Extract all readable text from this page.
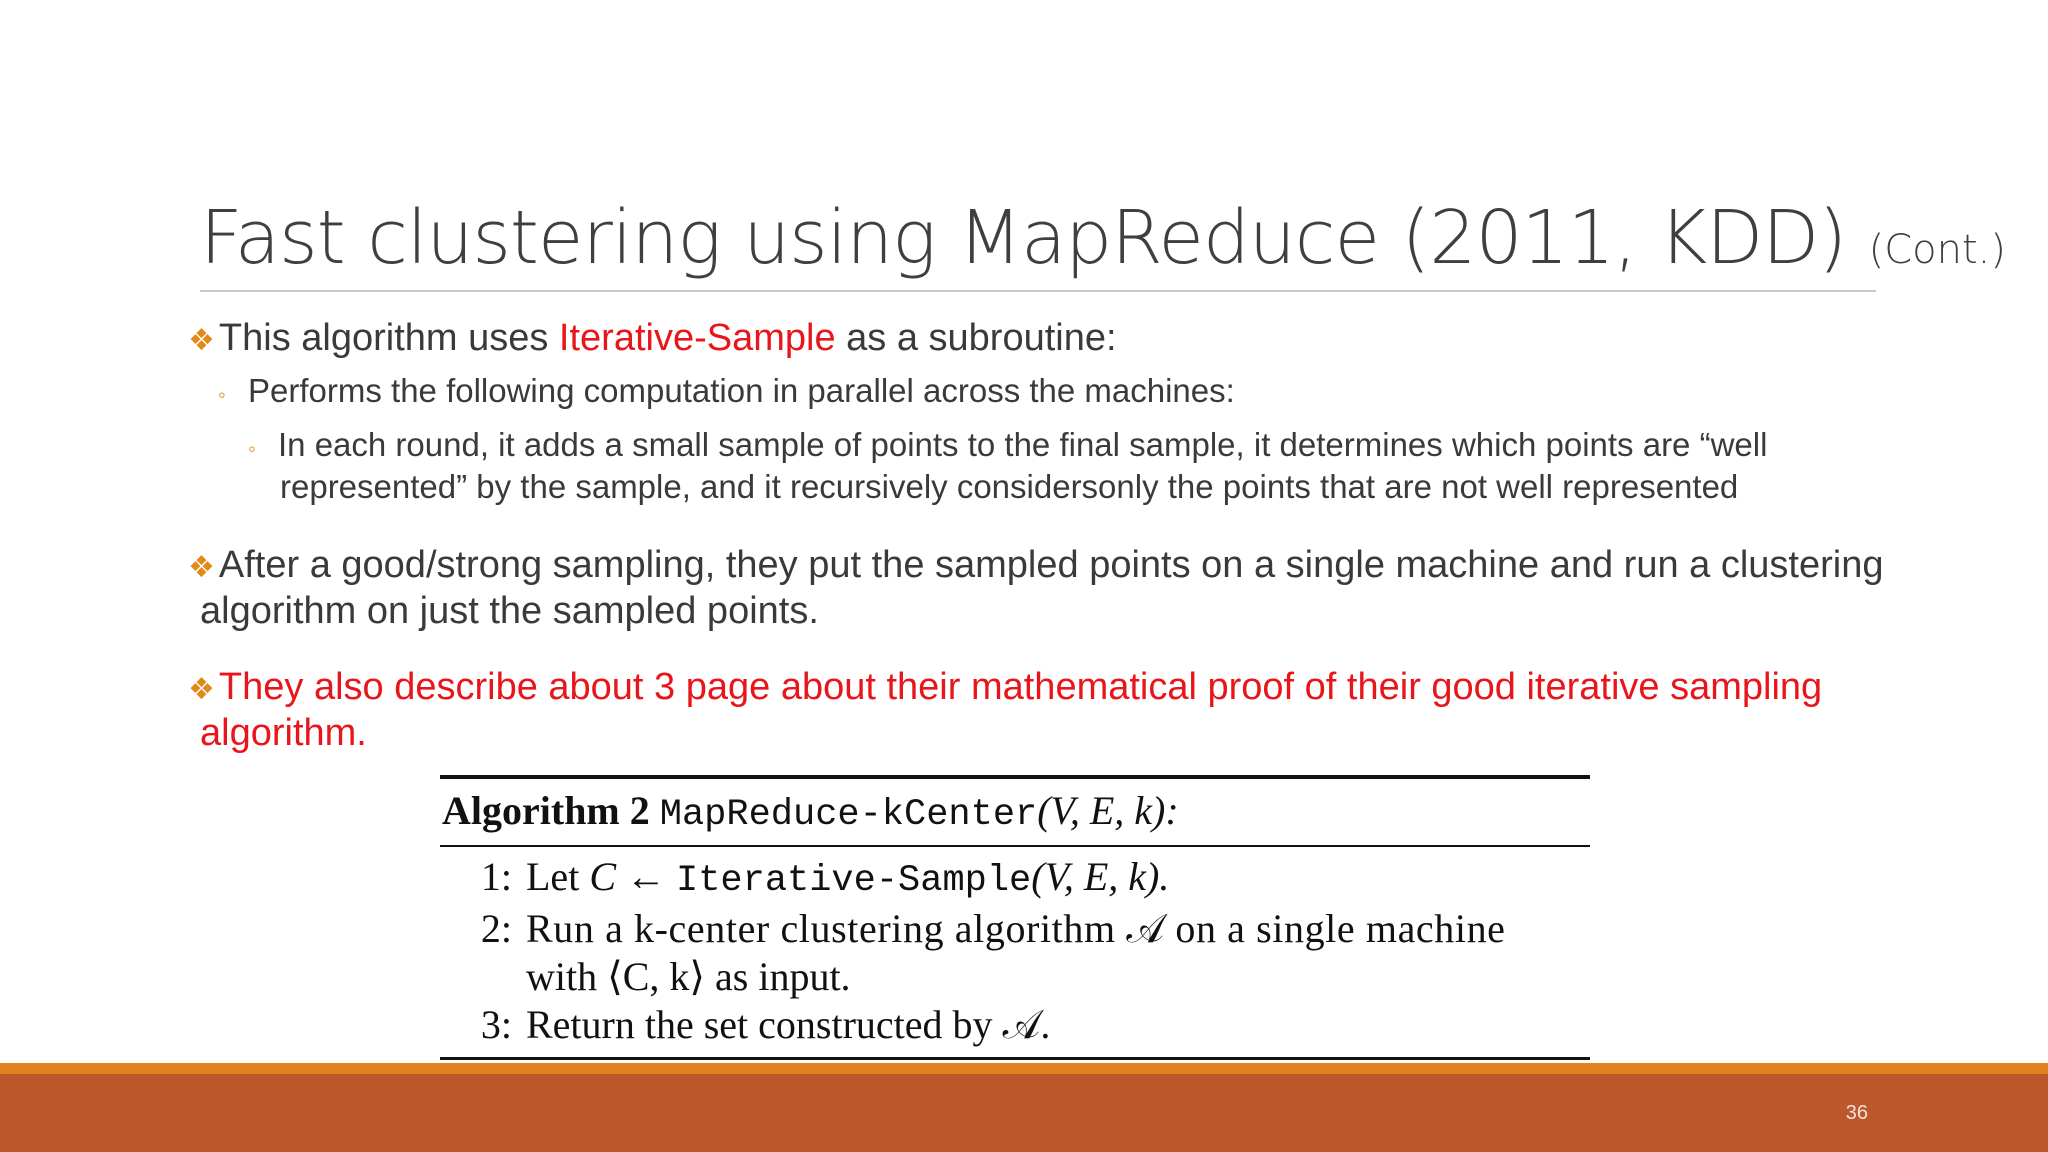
Fast clustering using MapReduce (2011, KDD) (Cont.)
❖ This algorithm uses Iterative-Sample as a subroutine:
◦ Performs the following computation in parallel across the machines:
◦ In each round, it adds a small sample of points to the final sample, it determines which points are “well
represented” by the sample, and it recursively considersonly the points that are not well represented
❖ After a good/strong sampling, they put the sampled points on a single machine and run a clustering
algorithm on just the sampled points.
❖ They also describe about 3 page about their mathematical proof of their good iterative sampling
algorithm.
Algorithm 2 MapReduce-kCenter(V, E, k):
1: Let C ← Iterative-Sample(V, E, k).
2: Run a k-center clustering algorithm 𝒜 on a single machine
with ⟨C, k⟩ as input.
3: Return the set constructed by 𝒜.
36
